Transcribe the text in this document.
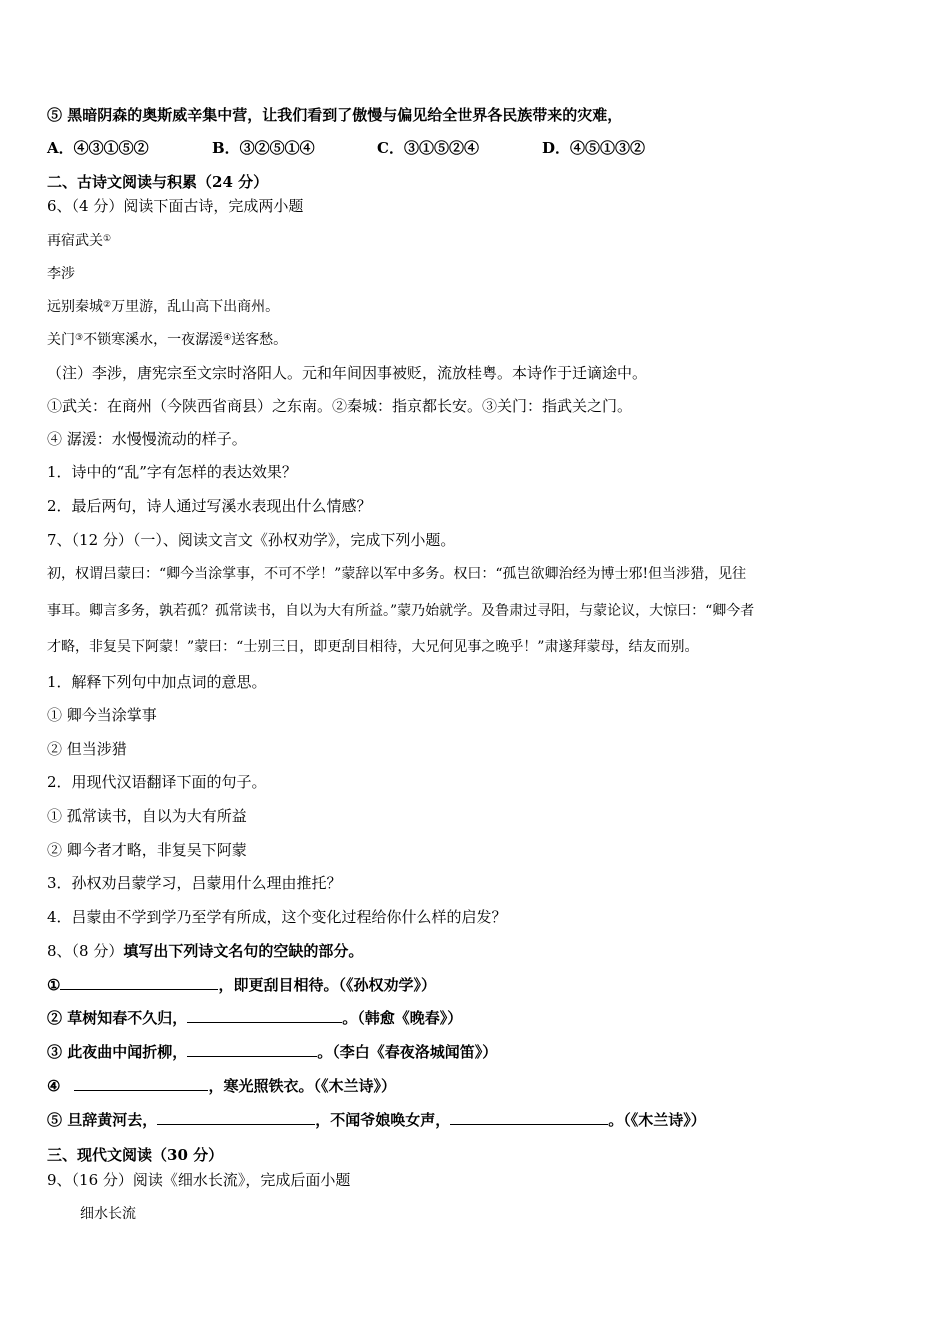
⑤ 黑暗阴森的奥斯威辛集中营，让我们看到了傲慢与偏见给全世界各民族带来的灾难，
A．④③①⑤②	B．③②⑤①④	C．③①⑤②④	D．④⑤①③②
二、古诗文阅读与积累（24 分）
6、（4 分）阅读下面古诗，完成两小题
再宿武关①
李涉
远别秦城②万里游，乱山高下出商州。
关门③不锁寒溪水，一夜潺湲④送客愁。
（注）李涉，唐宪宗至文宗时洛阳人。元和年间因事被贬，流放桂粤。本诗作于迁谪途中。
①武关：在商州（今陕西省商县）之东南。②秦城：指京都长安。③关门：指武关之门。
④ 潺湲：水慢慢流动的样子。
1．诗中的“乱”字有怎样的表达效果？
2．最后两句，诗人通过写溪水表现出什么情感？
7、（12 分）（一）、阅读文言文《孙权劝学》，完成下列小题。
初，权谓吕蒙曰：“卿今当涂掌事，不可不学！”蒙辞以军中多务。权曰：“孤岂欲卿治经为博士邪!但当涉猎，见往
事耳。卿言多务，孰若孤？孤常读书，自以为大有所益。”蒙乃始就学。及鲁肃过寻阳，与蒙论议，大惊曰：“卿今者
才略，非复吴下阿蒙！”蒙曰：“士别三日，即更刮目相待，大兄何见事之晚乎！”肃遂拜蒙母，结友而别。
1．解释下列句中加点词的意思。
① 卿今当涂掌事
② 但当涉猎
2．用现代汉语翻译下面的句子。
① 孤常读书，自以为大有所益
② 卿今者才略，非复吴下阿蒙
3．孙权劝吕蒙学习，吕蒙用什么理由推托？
4．吕蒙由不学到学乃至学有所成，这个变化过程给你什么样的启发？
8、（8 分）填写出下列诗文名句的空缺的部分。
①	，即更刮目相待。（《孙权劝学》）
② 草树知春不久归，	。（韩愈《晚春》）
③ 此夜曲中闻折柳，	。（李白《春夜洛城闻笛》）
④	，寒光照铁衣。（《木兰诗》）
⑤ 旦辞黄河去，	，不闻爷娘唤女声，	。（《木兰诗》）
三、现代文阅读（30 分）
9、（16 分）阅读《细水长流》，完成后面小题
细水长流
